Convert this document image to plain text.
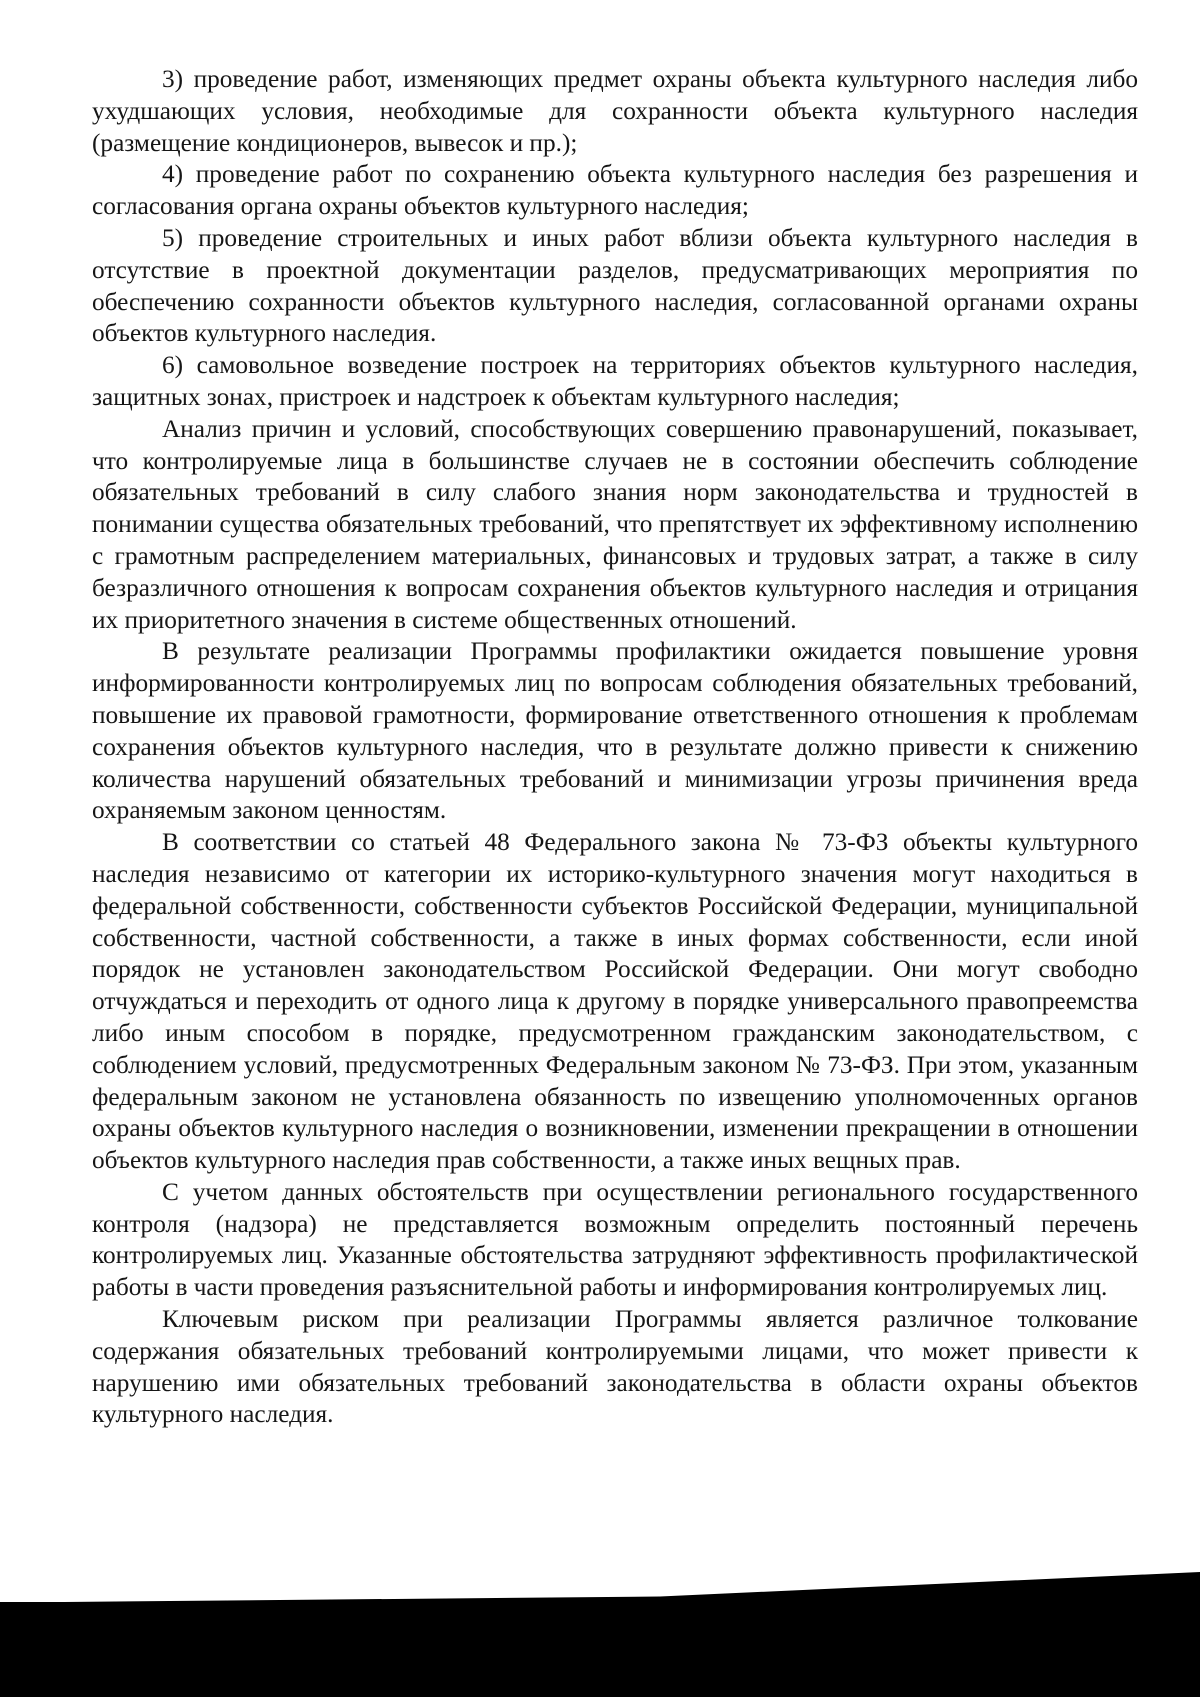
3) проведение работ, изменяющих предмет охраны объекта культурного наследия либо ухудшающих условия, необходимые для сохранности объекта культурного наследия (размещение кондиционеров, вывесок и пр.);

4) проведение работ по сохранению объекта культурного наследия без разрешения и согласования органа охраны объектов культурного наследия;

5) проведение строительных и иных работ вблизи объекта культурного наследия в отсутствие в проектной документации разделов, предусматривающих мероприятия по обеспечению сохранности объектов культурного наследия, согласованной органами охраны объектов культурного наследия.

6) самовольное возведение построек на территориях объектов культурного наследия, защитных зонах, пристроек и надстроек к объектам культурного наследия;

Анализ причин и условий, способствующих совершению правонарушений, показывает, что контролируемые лица в большинстве случаев не в состоянии обеспечить соблюдение обязательных требований в силу слабого знания норм законодательства и трудностей в понимании существа обязательных требований, что препятствует их эффективному исполнению с грамотным распределением материальных, финансовых и трудовых затрат, а также в силу безразличного отношения к вопросам сохранения объектов культурного наследия и отрицания их приоритетного значения в системе общественных отношений.

В результате реализации Программы профилактики ожидается повышение уровня информированности контролируемых лиц по вопросам соблюдения обязательных требований, повышение их правовой грамотности, формирование ответственного отношения к проблемам сохранения объектов культурного наследия, что в результате должно привести к снижению количества нарушений обязательных требований и минимизации угрозы причинения вреда охраняемым законом ценностям.

В соответствии со статьей 48 Федерального закона № 73-ФЗ объекты культурного наследия независимо от категории их историко-культурного значения могут находиться в федеральной собственности, собственности субъектов Российской Федерации, муниципальной собственности, частной собственности, а также в иных формах собственности, если иной порядок не установлен законодательством Российской Федерации. Они могут свободно отчуждаться и переходить от одного лица к другому в порядке универсального правопреемства либо иным способом в порядке, предусмотренном гражданским законодательством, с соблюдением условий, предусмотренных Федеральным законом № 73-ФЗ. При этом, указанным федеральным законом не установлена обязанность по извещению уполномоченных органов охраны объектов культурного наследия о возникновении, изменении прекращении в отношении объектов культурного наследия прав собственности, а также иных вещных прав.

С учетом данных обстоятельств при осуществлении регионального государственного контроля (надзора) не представляется возможным определить постоянный перечень контролируемых лиц. Указанные обстоятельства затрудняют эффективность профилактической работы в части проведения разъяснительной работы и информирования контролируемых лиц.

Ключевым риском при реализации Программы является различное толкование содержания обязательных требований контролируемыми лицами, что может привести к нарушению ими обязательных требований законодательства в области охраны объектов культурного наследия.
